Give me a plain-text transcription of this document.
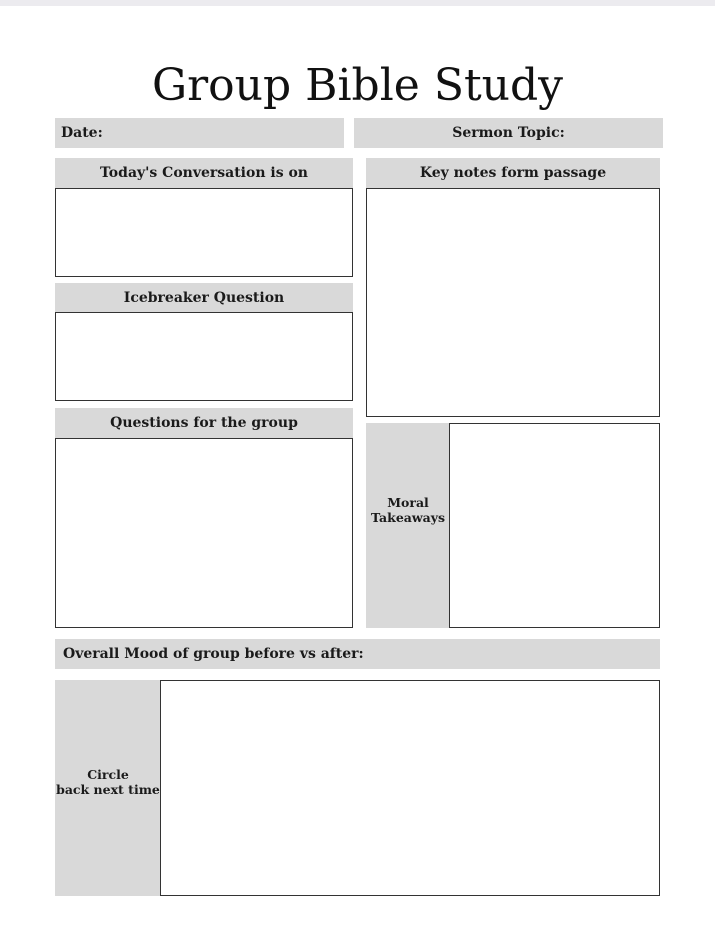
Group Bible Study
Date:	Sermon Topic:
Today's Conversation is on
Icebreaker Question
Questions for the group
Key notes form passage
Moral
Takeaways
Overall Mood of group before vs after:
Circle
back next time
